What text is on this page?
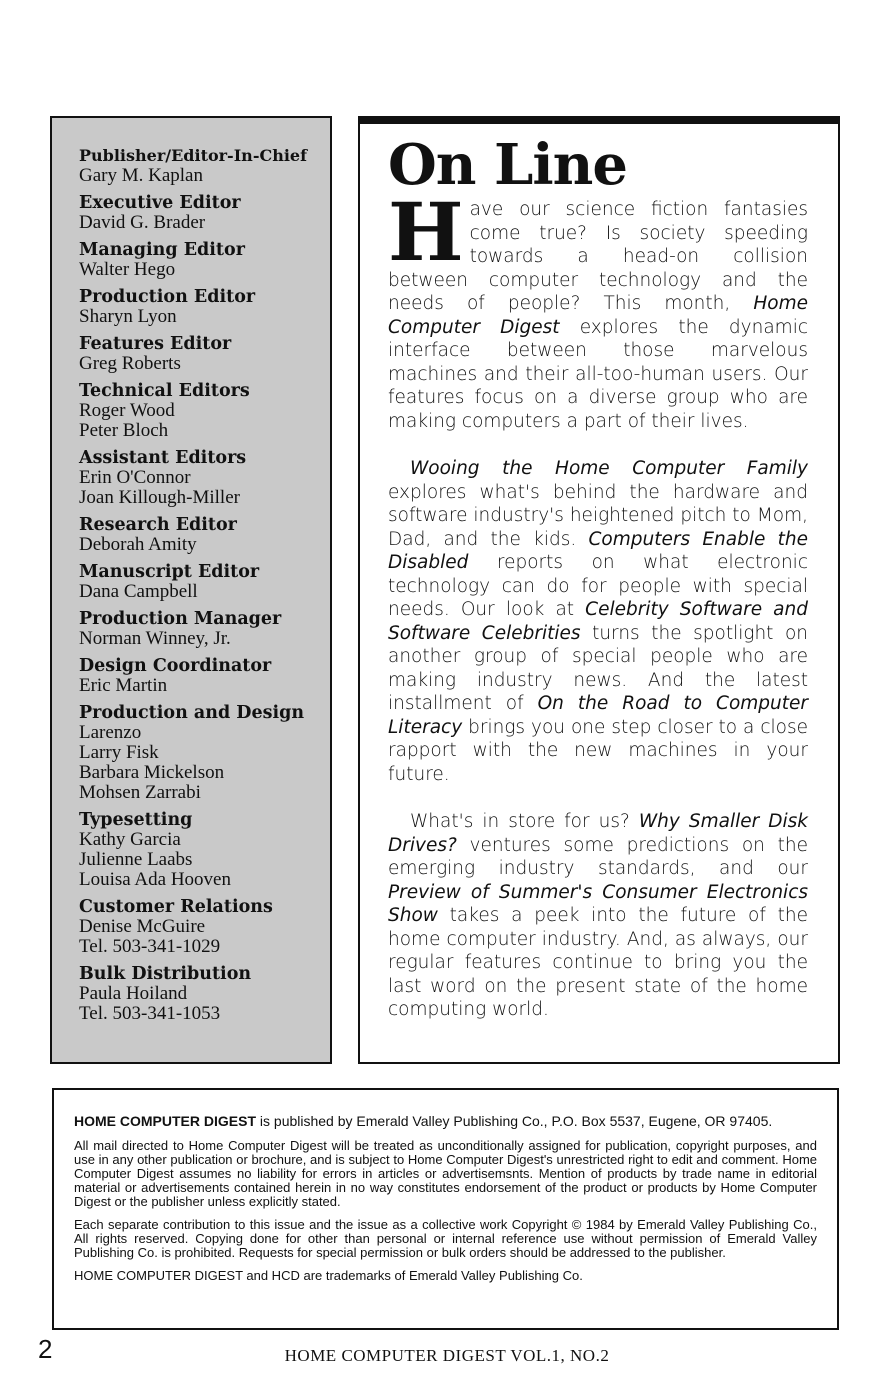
Publisher/Editor-In-Chief
Gary M. Kaplan
Executive Editor
David G. Brader
Managing Editor
Walter Hego
Production Editor
Sharyn Lyon
Features Editor
Greg Roberts
Technical Editors
Roger Wood
Peter Bloch
Assistant Editors
Erin O'Connor
Joan Killough-Miller
Research Editor
Deborah Amity
Manuscript Editor
Dana Campbell
Production Manager
Norman Winney, Jr.
Design Coordinator
Eric Martin
Production and Design
Larenzo
Larry Fisk
Barbara Mickelson
Mohsen Zarrabi
Typesetting
Kathy Garcia
Julienne Laabs
Louisa Ada Hooven
Customer Relations
Denise McGuire
Tel. 503-341-1029
Bulk Distribution
Paula Hoiland
Tel. 503-341-1053
On Line

Have our science fiction fantasies come true? Is society speeding towards a head-on collision between computer technology and the needs of people? This month, Home Computer Digest explores the dynamic interface between those marvelous machines and their all-too-human users. Our features focus on a diverse group who are making computers a part of their lives.

Wooing the Home Computer Family explores what's behind the hardware and software industry's heightened pitch to Mom, Dad, and the kids. Computers Enable the Disabled reports on what electronic technology can do for people with special needs. Our look at Celebrity Software and Software Celebrities turns the spotlight on another group of special people who are making industry news. And the latest installment of On the Road to Computer Literacy brings you one step closer to a close rapport with the new machines in your future.

What's in store for us? Why Smaller Disk Drives? ventures some predictions on the emerging industry standards, and our Preview of Summer's Consumer Electronics Show takes a peek into the future of the home computer industry. And, as always, our regular features continue to bring you the last word on the present state of the home computing world.

HOME COMPUTER DIGEST is published by Emerald Valley Publishing Co., P.O. Box 5537, Eugene, OR 97405.

All mail directed to Home Computer Digest will be treated as unconditionally assigned for publication, copyright purposes, and use in any other publication or brochure, and is subject to Home Computer Digest's unrestricted right to edit and comment. Home Computer Digest assumes no liability for errors in articles or advertisemsnts. Mention of products by trade name in editorial material or advertisements contained herein in no way constitutes endorsement of the product or products by Home Computer Digest or the publisher unless explicitly stated.

Each separate contribution to this issue and the issue as a collective work Copyright © 1984 by Emerald Valley Publishing Co., All rights reserved. Copying done for other than personal or internal reference use without permission of Emerald Valley Publishing Co. is prohibited. Requests for special permission or bulk orders should be addressed to the publisher.

HOME COMPUTER DIGEST and HCD are trademarks of Emerald Valley Publishing Co.

2	HOME COMPUTER DIGEST VOL.1, NO.2
